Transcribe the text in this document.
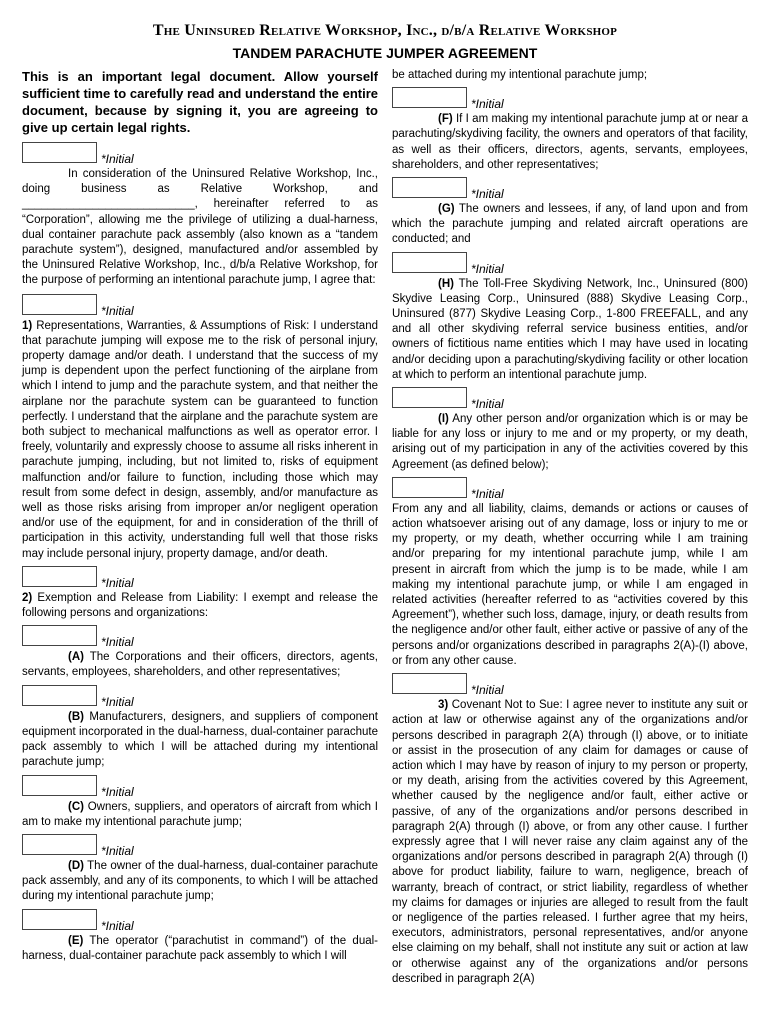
The Uninsured Relative Workshop, Inc., d/b/a Relative Workshop
TANDEM PARACHUTE JUMPER AGREEMENT

This is an important legal document. Allow yourself sufficient time to carefully read and understand the entire document, because by signing it, you are agreeing to give up certain legal rights.

*Initial

In consideration of the Uninsured Relative Workshop, Inc., doing business as Relative Workshop, and ___________________________, hereinafter referred to as “Corporation”, allowing me the privilege of utilizing a dual-harness, dual container parachute pack assembly (also known as a “tandem parachute system”), designed, manufactured and/or assembled by the Uninsured Relative Workshop, Inc., d/b/a Relative Workshop, for the purpose of performing an intentional parachute jump, I agree that:

*Initial

1) Representations, Warranties, & Assumptions of Risk: I understand that parachute jumping will expose me to the risk of personal injury, property damage and/or death. I understand that the success of my jump is dependent upon the perfect functioning of the airplane from which I intend to jump and the parachute system, and that neither the airplane nor the parachute system can be guaranteed to function perfectly. I understand that the airplane and the parachute system are both subject to mechanical malfunctions as well as operator error. I freely, voluntarily and expressly choose to assume all risks inherent in parachute jumping, including, but not limited to, risks of equipment malfunction and/or failure to function, including those which may result from some defect in design, assembly, and/or manufacture as well as those risks arising from improper an/or negligent operation and/or use of the equipment, for and in consideration of the thrill of participation in this activity, understanding full well that those risks may include personal injury, property damage, and/or death.

*Initial

2) Exemption and Release from Liability: I exempt and release the following persons and organizations:

*Initial

(A) The Corporations and their officers, directors, agents, servants, employees, shareholders, and other representatives;

*Initial

(B) Manufacturers, designers, and suppliers of component equipment incorporated in the dual-harness, dual-container parachute pack assembly to which I will be attached during my intentional parachute jump;

*Initial

(C) Owners, suppliers, and operators of aircraft from which I am to make my intentional parachute jump;

*Initial

(D) The owner of the dual-harness, dual-container parachute pack assembly, and any of its components, to which I will be attached during my intentional parachute jump;

*Initial

(E) The operator (“parachutist in command”) of the dual-harness, dual-container parachute pack assembly to which I will

be attached during my intentional parachute jump;

*Initial

(F) If I am making my intentional parachute jump at or near a parachuting/skydiving facility, the owners and operators of that facility, as well as their officers, directors, agents, servants, employees, shareholders, and other representatives;

*Initial

(G) The owners and lessees, if any, of land upon and from which the parachute jumping and related aircraft operations are conducted; and

*Initial

(H) The Toll-Free Skydiving Network, Inc., Uninsured (800) Skydive Leasing Corp., Uninsured (888) Skydive Leasing Corp., Uninsured (877) Skydive Leasing Corp., 1-800 FREEFALL, and any and all other skydiving referral service business entities, and/or owners of fictitious name entities which I may have used in locating and/or deciding upon a parachuting/skydiving facility or other location at which to perform an intentional parachute jump.

*Initial

(I) Any other person and/or organization which is or may be liable for any loss or injury to me and or my property, or my death, arising out of my participation in any of the activities covered by this Agreement (as defined below);

*Initial

From any and all liability, claims, demands or actions or causes of action whatsoever arising out of any damage, loss or injury to me or my property, or my death, whether occurring while I am training and/or preparing for my intentional parachute jump, while I am present in aircraft from which the jump is to be made, while I am making my intentional parachute jump, or while I am engaged in related activities (hereafter referred to as “activities covered by this Agreement”), whether such loss, damage, injury, or death results from the negligence and/or other fault, either active or passive of any of the persons and/or organizations described in paragraphs 2(A)-(I) above, or from any other cause.

*Initial

3) Covenant Not to Sue: I agree never to institute any suit or action at law or otherwise against any of the organizations and/or persons described in paragraph 2(A) through (I) above, or to initiate or assist in the prosecution of any claim for damages or cause of action which I may have by reason of injury to my person or property, or my death, arising from the activities covered by this Agreement, whether caused by the negligence and/or fault, either active or passive, of any of the organizations and/or persons described in paragraph 2(A) through (I) above, or from any other cause. I further expressly agree that I will never raise any claim against any of the organizations and/or persons described in paragraph 2(A) through (I) above for product liability, failure to warn, negligence, breach of warranty, breach of contract, or strict liability, regardless of whether my claims for damages or injuries are alleged to result from the fault or negligence of the parties released. I further agree that my heirs, executors, administrators, personal representatives, and/or anyone else claiming on my behalf, shall not institute any suit or action at law or otherwise against any of the organizations and/or persons described in paragraph 2(A)
